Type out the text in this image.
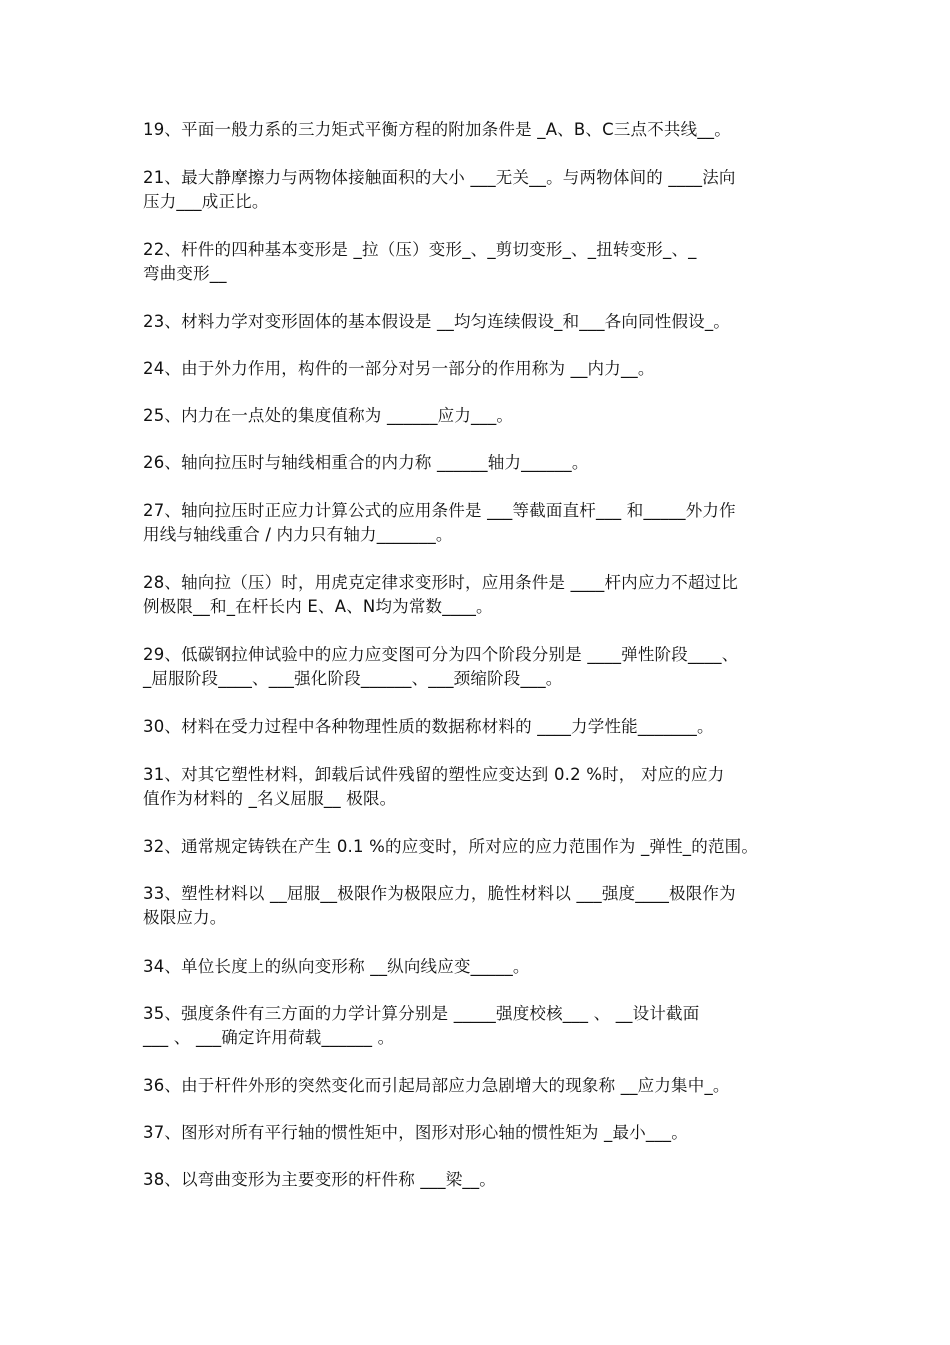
19、平面一般力系的三力矩式平衡方程的附加条件是 _A、B、C三点不共线__。
21、最大静摩擦力与两物体接触面积的大小 ___无关__。与两物体间的 ____法向
压力___成正比。
22、杆件的四种基本变形是 _拉（压）变形_、_剪切变形_、_扭转变形_、_
弯曲变形__
23、材料力学对变形固体的基本假设是 __均匀连续假设_和___各向同性假设_。
24、由于外力作用，构件的一部分对另一部分的作用称为 __内力__。
25、内力在一点处的集度值称为 ______应力___。
26、轴向拉压时与轴线相重合的内力称 ______轴力______。
27、轴向拉压时正应力计算公式的应用条件是 ___等截面直杆___ 和_____外力作
用线与轴线重合 / 内力只有轴力_______。
28、轴向拉（压）时，用虎克定律求变形时，应用条件是 ____杆内应力不超过比
例极限__和_在杆长内 E、A、N均为常数____。
29、低碳钢拉伸试验中的应力应变图可分为四个阶段分别是 ____弹性阶段____、
_屈服阶段____、___强化阶段______、___颈缩阶段___。
30、材料在受力过程中各种物理性质的数据称材料的 ____力学性能_______。
31、对其它塑性材料，卸载后试件残留的塑性应变达到 0.2 %时， 对应的应力
值作为材料的 _名义屈服__ 极限。
32、通常规定铸铁在产生 0.1 %的应变时，所对应的应力范围作为 _弹性_的范围。
33、塑性材料以 __屈服__极限作为极限应力，脆性材料以 ___强度____极限作为
极限应力。
34、单位长度上的纵向变形称 __纵向线应变_____。
35、强度条件有三方面的力学计算分别是 _____强度校核___ 、 __设计截面
___ 、 ___确定许用荷载______ 。
36、由于杆件外形的突然变化而引起局部应力急剧增大的现象称 __应力集中_。
37、图形对所有平行轴的惯性矩中，图形对形心轴的惯性矩为 _最小___。
38、以弯曲变形为主要变形的杆件称 ___梁__。
